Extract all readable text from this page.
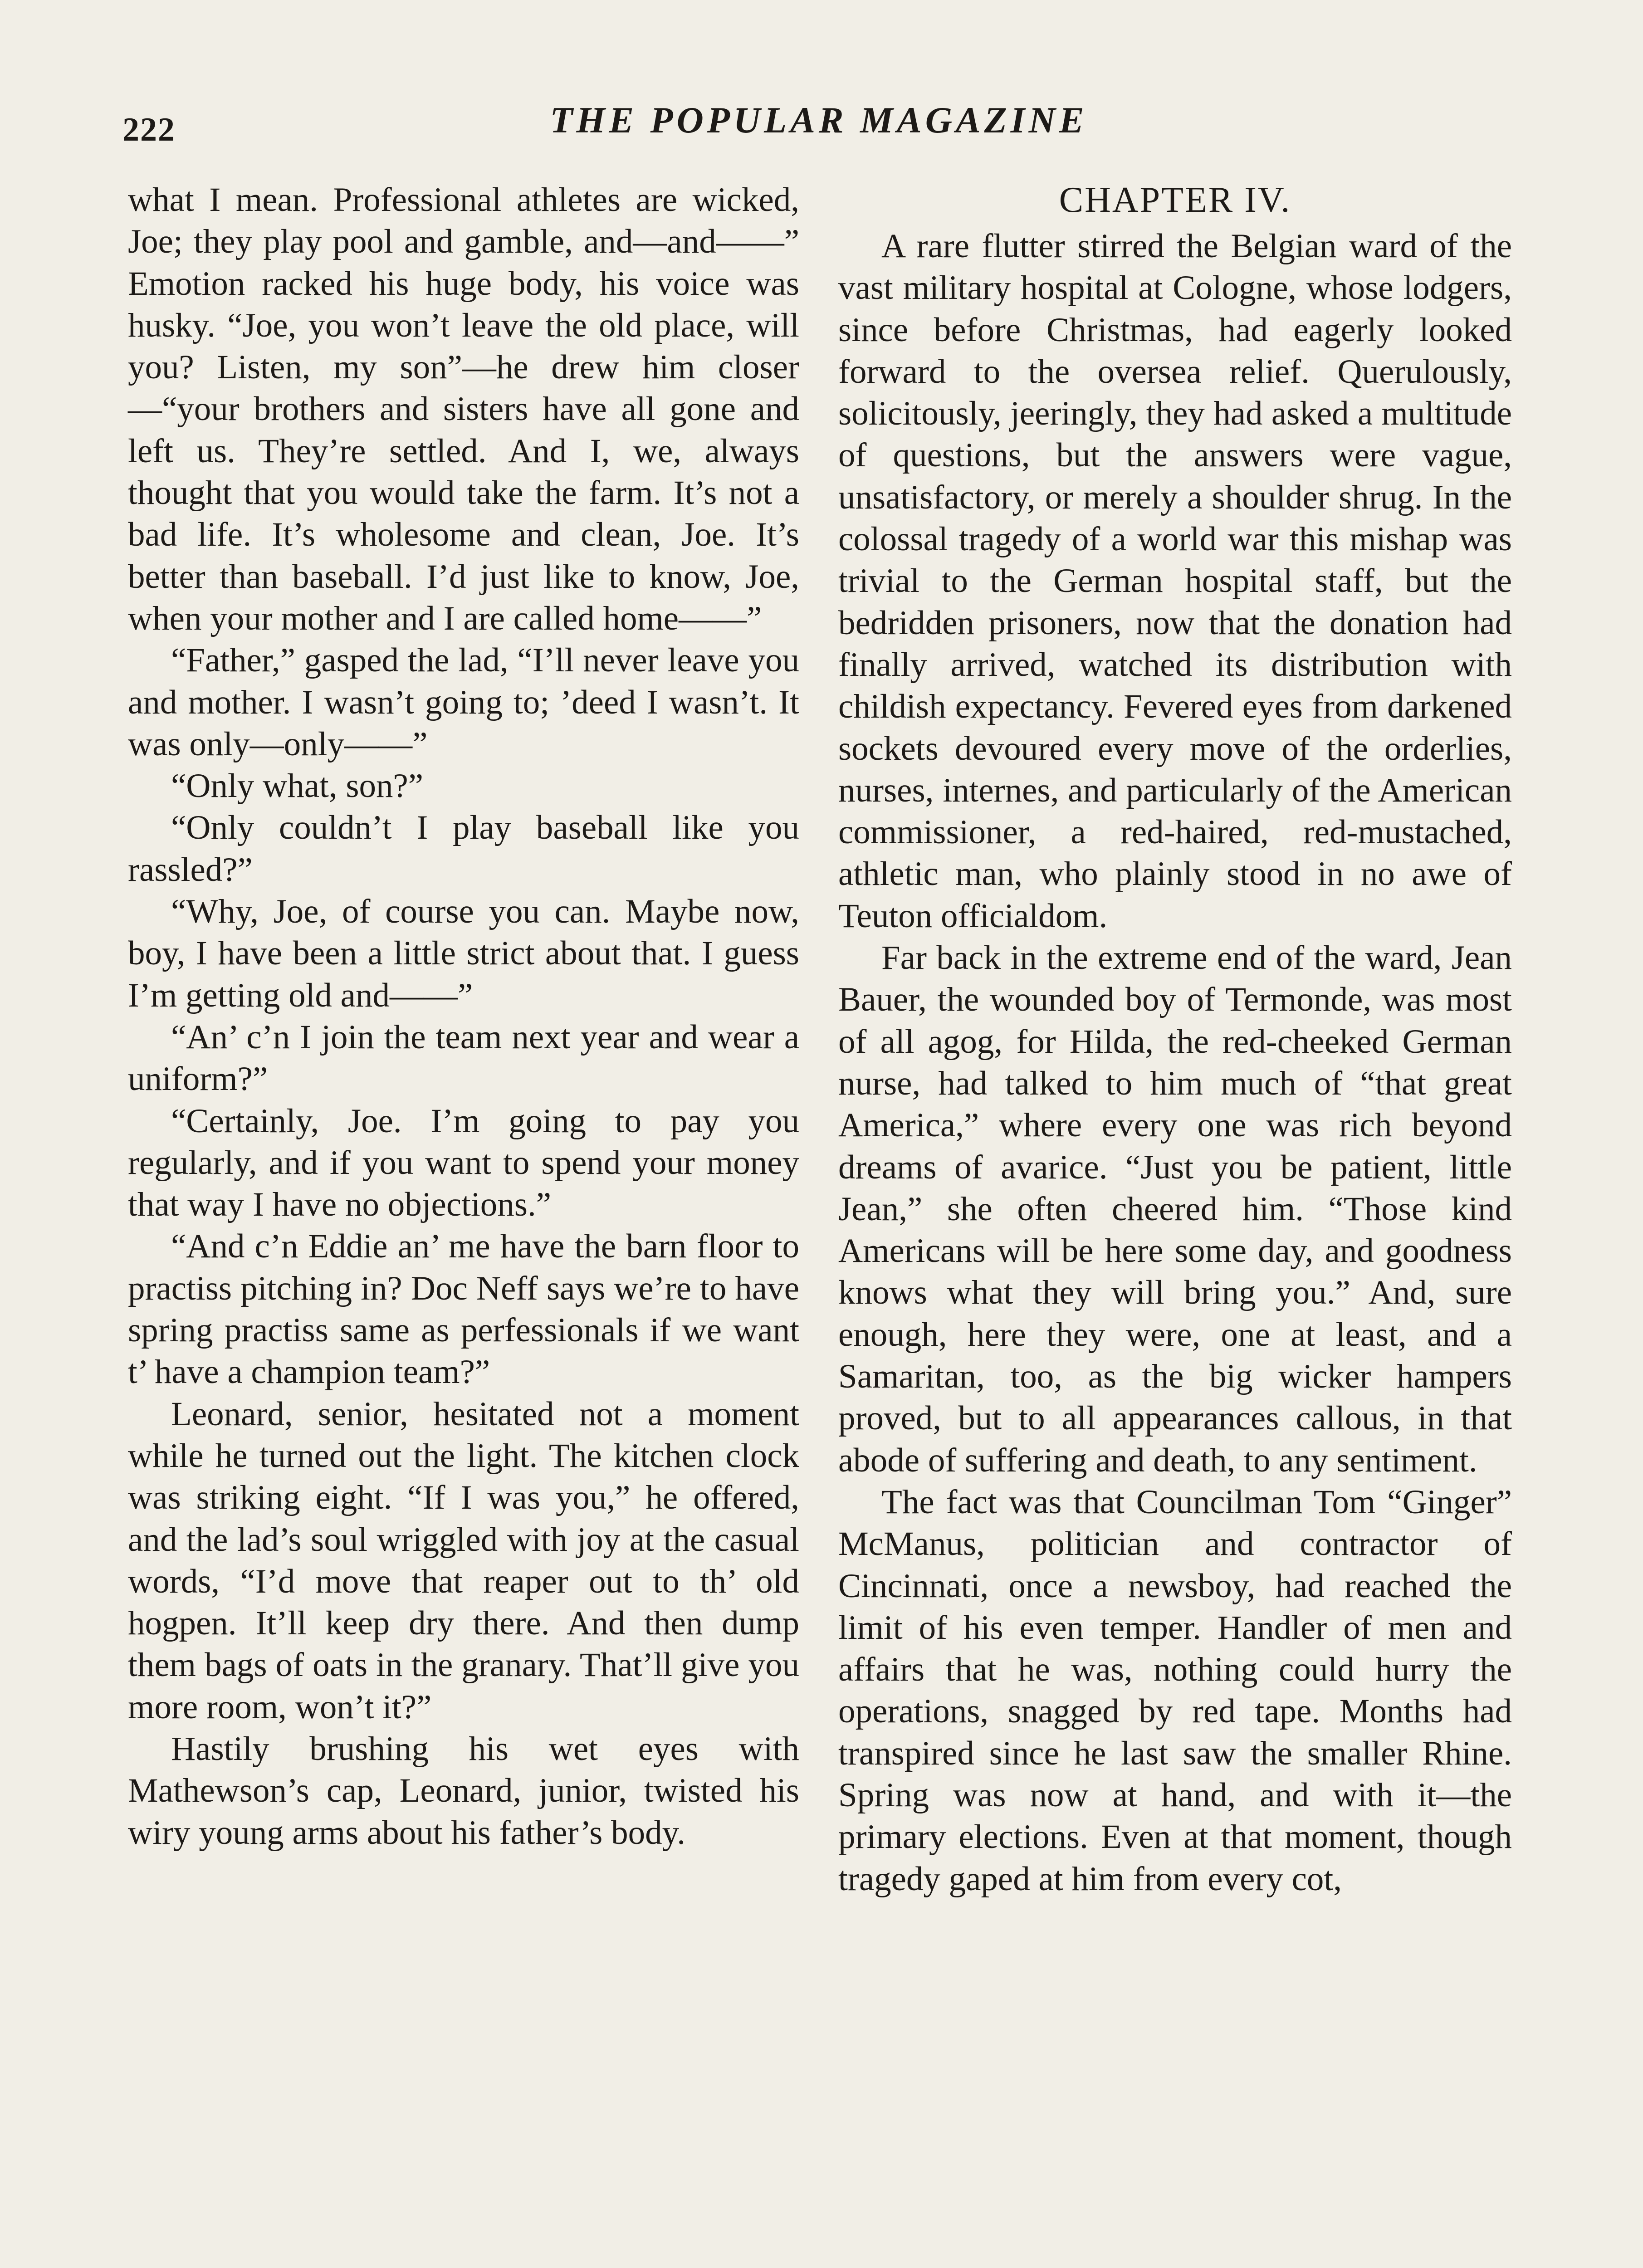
222	THE POPULAR MAGAZINE

what I mean. Professional athletes are wicked, Joe; they play pool and gamble, and—and——” Emotion racked his huge body, his voice was husky. “Joe, you won’t leave the old place, will you? Listen, my son”—he drew him closer—“your brothers and sisters have all gone and left us. They’re settled. And I, we, always thought that you would take the farm. It’s not a bad life. It’s wholesome and clean, Joe. It’s better than baseball. I’d just like to know, Joe, when your mother and I are called home——”

“Father,” gasped the lad, “I’ll never leave you and mother. I wasn’t going to; ’deed I wasn’t. It was only—only——”

“Only what, son?”

“Only couldn’t I play baseball like you rassled?”

“Why, Joe, of course you can. Maybe now, boy, I have been a little strict about that. I guess I’m getting old and——”

“An’ c’n I join the team next year and wear a uniform?”

“Certainly, Joe. I’m going to pay you regularly, and if you want to spend your money that way I have no objections.”

“And c’n Eddie an’ me have the barn floor to practiss pitching in? Doc Neff says we’re to have spring practiss same as perfessionals if we want t’ have a champion team?”

Leonard, senior, hesitated not a moment while he turned out the light. The kitchen clock was striking eight. “If I was you,” he offered, and the lad’s soul wriggled with joy at the casual words, “I’d move that reaper out to th’ old hogpen. It’ll keep dry there. And then dump them bags of oats in the granary. That’ll give you more room, won’t it?”

Hastily brushing his wet eyes with Mathewson’s cap, Leonard, junior, twisted his wiry young arms about his father’s body.

CHAPTER IV.

A rare flutter stirred the Belgian ward of the vast military hospital at Cologne, whose lodgers, since before Christmas, had eagerly looked forward to the oversea relief. Querulously, solicitously, jeeringly, they had asked a multitude of questions, but the answers were vague, unsatisfactory, or merely a shoulder shrug. In the colossal tragedy of a world war this mishap was trivial to the German hospital staff, but the bedridden prisoners, now that the donation had finally arrived, watched its distribution with childish expectancy. Fevered eyes from darkened sockets devoured every move of the orderlies, nurses, internes, and particularly of the American commissioner, a red-haired, red-mustached, athletic man, who plainly stood in no awe of Teuton officialdom.

Far back in the extreme end of the ward, Jean Bauer, the wounded boy of Termonde, was most of all agog, for Hilda, the red-cheeked German nurse, had talked to him much of “that great America,” where every one was rich beyond dreams of avarice. “Just you be patient, little Jean,” she often cheered him. “Those kind Americans will be here some day, and goodness knows what they will bring you.” And, sure enough, here they were, one at least, and a Samaritan, too, as the big wicker hampers proved, but to all appearances callous, in that abode of suffering and death, to any sentiment.

The fact was that Councilman Tom “Ginger” McManus, politician and contractor of Cincinnati, once a newsboy, had reached the limit of his even temper. Handler of men and affairs that he was, nothing could hurry the operations, snagged by red tape. Months had transpired since he last saw the smaller Rhine. Spring was now at hand, and with it—the primary elections. Even at that moment, though tragedy gaped at him from every cot,
